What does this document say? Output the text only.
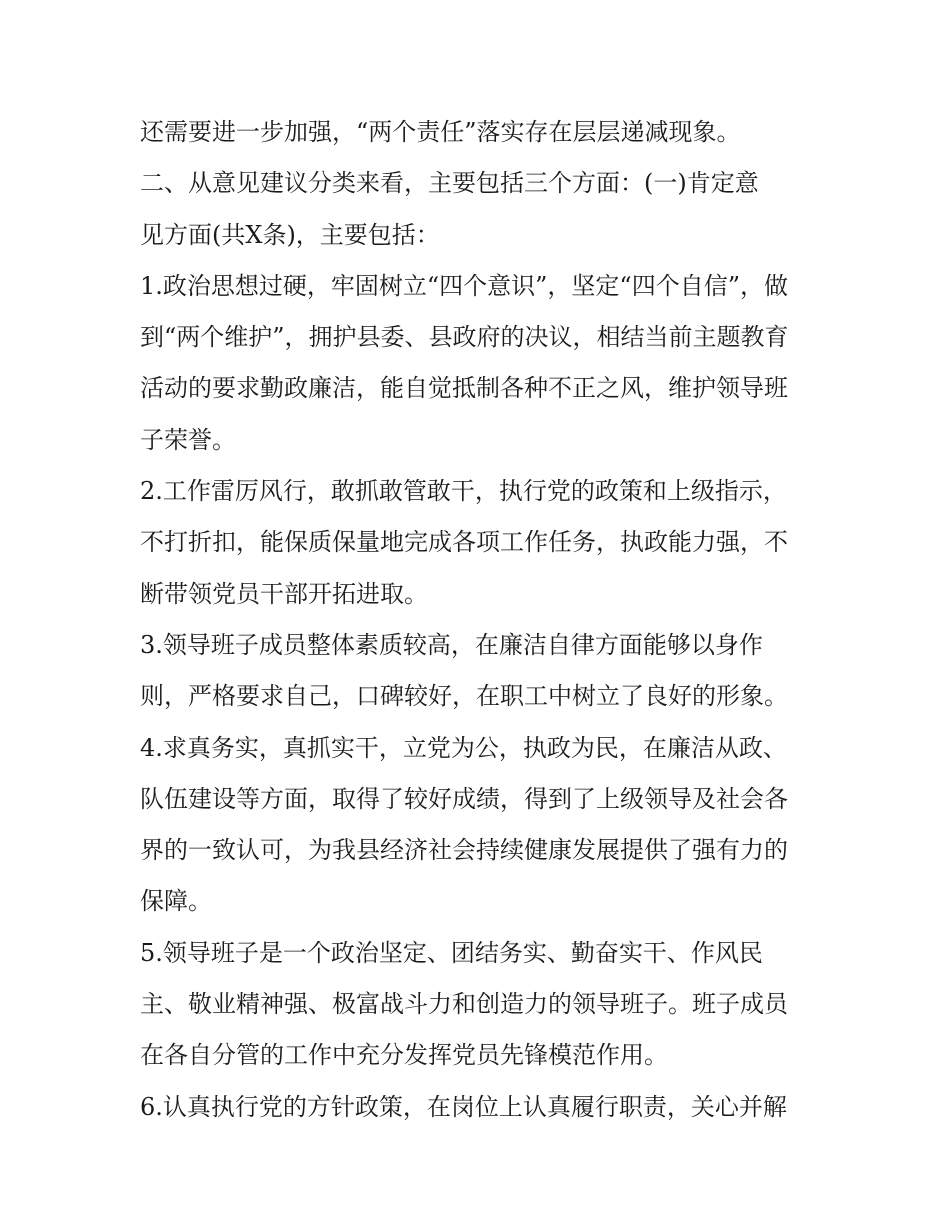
还需要进一步加强，“两个责任”落实存在层层递减现象。
二、从意见建议分类来看，主要包括三个方面：(一)肯定意
见方面(共X条)，主要包括：
1.政治思想过硬，牢固树立“四个意识”，坚定“四个自信”，做
到“两个维护”，拥护县委、县政府的决议，相结当前主题教育
活动的要求勤政廉洁，能自觉抵制各种不正之风，维护领导班
子荣誉。
2.工作雷厉风行，敢抓敢管敢干，执行党的政策和上级指示，
不打折扣，能保质保量地完成各项工作任务，执政能力强，不
断带领党员干部开拓进取。
3.领导班子成员整体素质较高，在廉洁自律方面能够以身作
则，严格要求自己，口碑较好，在职工中树立了良好的形象。
4.求真务实，真抓实干，立党为公，执政为民，在廉洁从政、
队伍建设等方面，取得了较好成绩，得到了上级领导及社会各
界的一致认可，为我县经济社会持续健康发展提供了强有力的
保障。
5.领导班子是一个政治坚定、团结务实、勤奋实干、作风民
主、敬业精神强、极富战斗力和创造力的领导班子。班子成员
在各自分管的工作中充分发挥党员先锋模范作用。
6.认真执行党的方针政策，在岗位上认真履行职责，关心并解
